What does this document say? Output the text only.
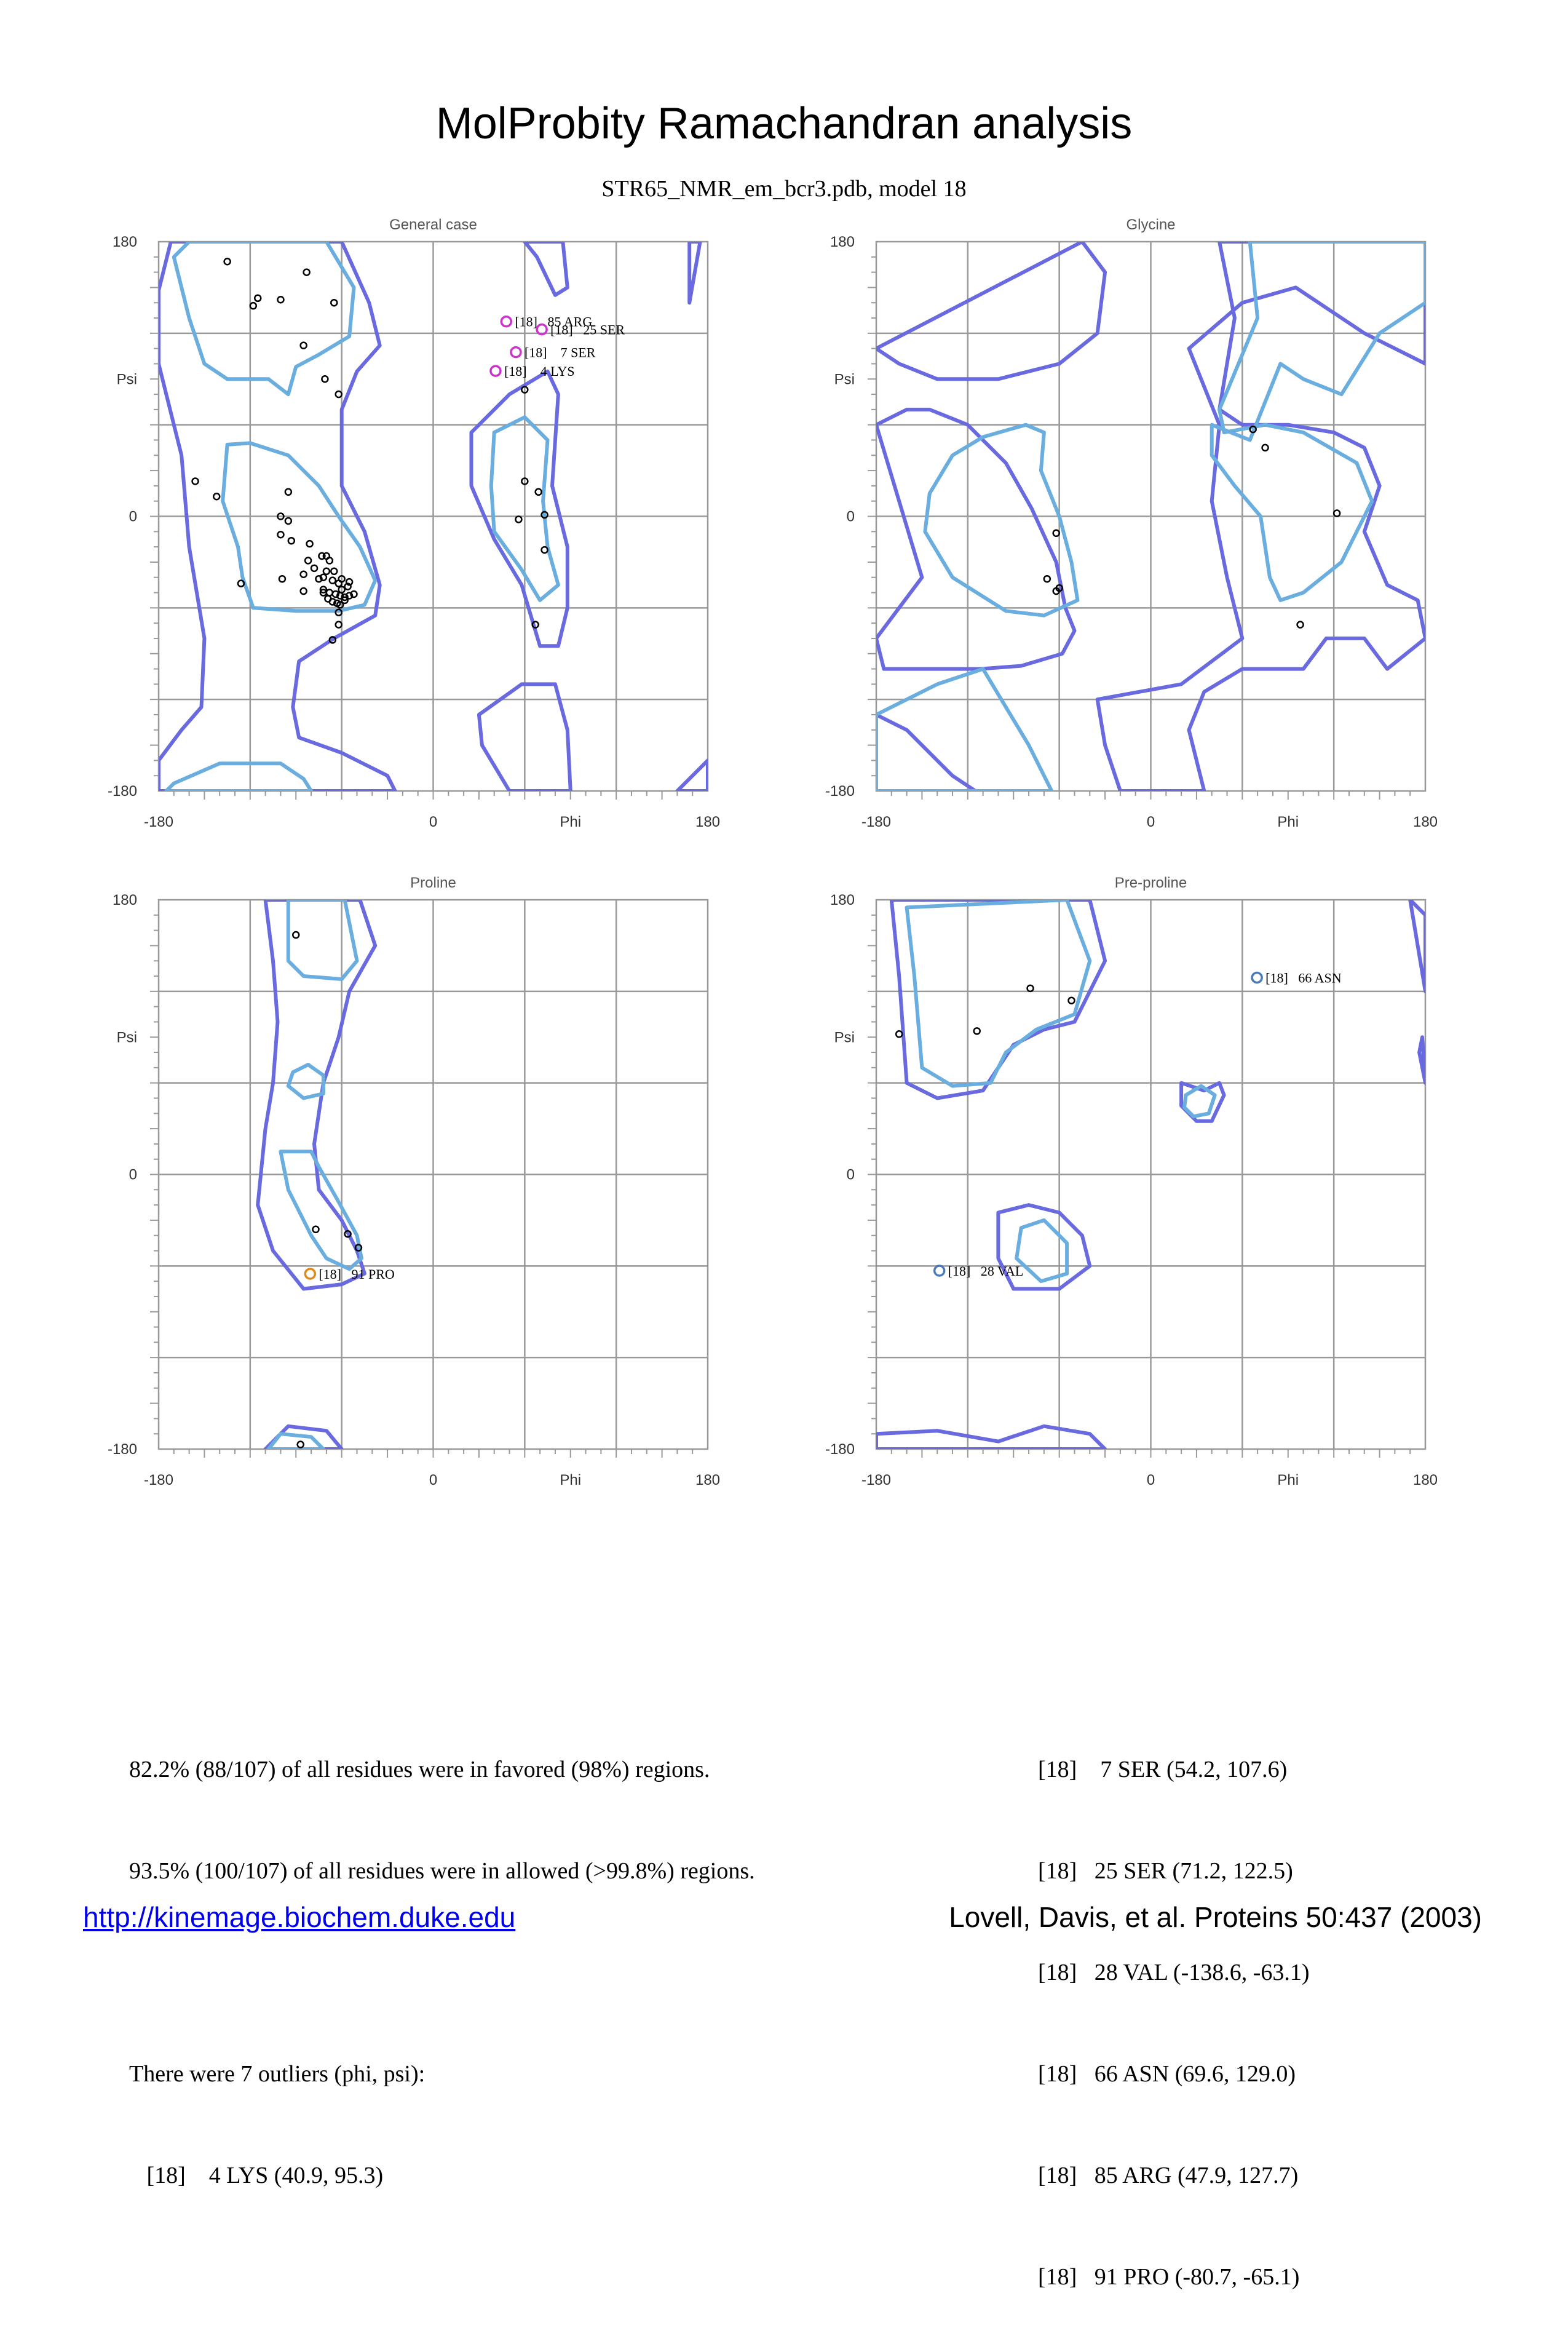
MolProbity Ramachandran analysis
STR65_NMR_em_bcr3.pdb, model 18
General case
-180	0	180
Phi
180
0
-180
Psi
[18]   85 ARG
[18]   25 SER
[18]    7 SER
[18]    4 LYS
Glycine
-180	0	180
Phi
180
0
-180
Psi
Proline
-180	0	180
Phi
180
0
-180
Psi
[18]   91 PRO
Pre-proline
-180	0	180
Phi
180
0
-180
Psi
[18]   66 ASN
[18]   28 VAL

82.2% (88/107) of all residues were in favored (98%) regions.

93.5% (100/107) of all residues were in allowed (>99.8%) regions.

There were 7 outliers (phi, psi):

[18]    4 LYS (40.9, 95.3)

[18]    7 SER (54.2, 107.6)

[18]   25 SER (71.2, 122.5)

[18]   28 VAL (-138.6, -63.1)

[18]   66 ASN (69.6, 129.0)

[18]   85 ARG (47.9, 127.7)

[18]   91 PRO (-80.7, -65.1)

http://kinemage.biochem.duke.edu	Lovell, Davis, et al. Proteins 50:437 (2003)
